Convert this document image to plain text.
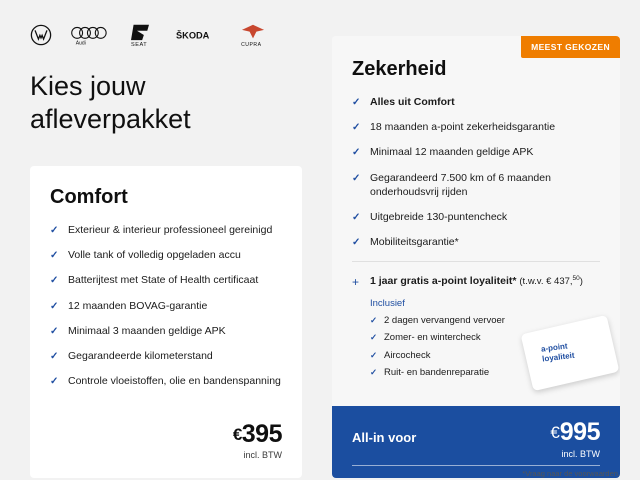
Audi	SEAT
ŠKODA
CUPRA
Kies jouw afleverpakket
Comfort
✓ Exterieur & interieur professioneel gereinigd
✓ Volle tank of volledig opgeladen accu
✓ Batterijtest met State of Health certificaat
✓ 12 maanden BOVAG-garantie
✓ Minimaal 3 maanden geldige APK
✓ Gegarandeerde kilometerstand
✓ Controle vloeistoffen, olie en bandenspanning
€395
incl. BTW
MEEST GEKOZEN
Zekerheid
✓ Alles uit Comfort
✓ 18 maanden a-point zekerheidsgarantie
✓ Minimaal 12 maanden geldige APK
✓ Gegarandeerd 7.500 km of 6 maanden onderhoudsvrij rijden
✓ Uitgebreide 130-puntencheck
✓ Mobiliteitsgarantie*
+ 1 jaar gratis a-point loyaliteit* (t.w.v. € 437,50)
Inclusief
✓ 2 dagen vervangend vervoer
✓ Zomer- en wintercheck
✓ Aircocheck
✓ Ruit- en bandenreparatie
a-point
loyaliteit
All-in voor	€995
incl. BTW
*Vraag naar de voorwaarden.
